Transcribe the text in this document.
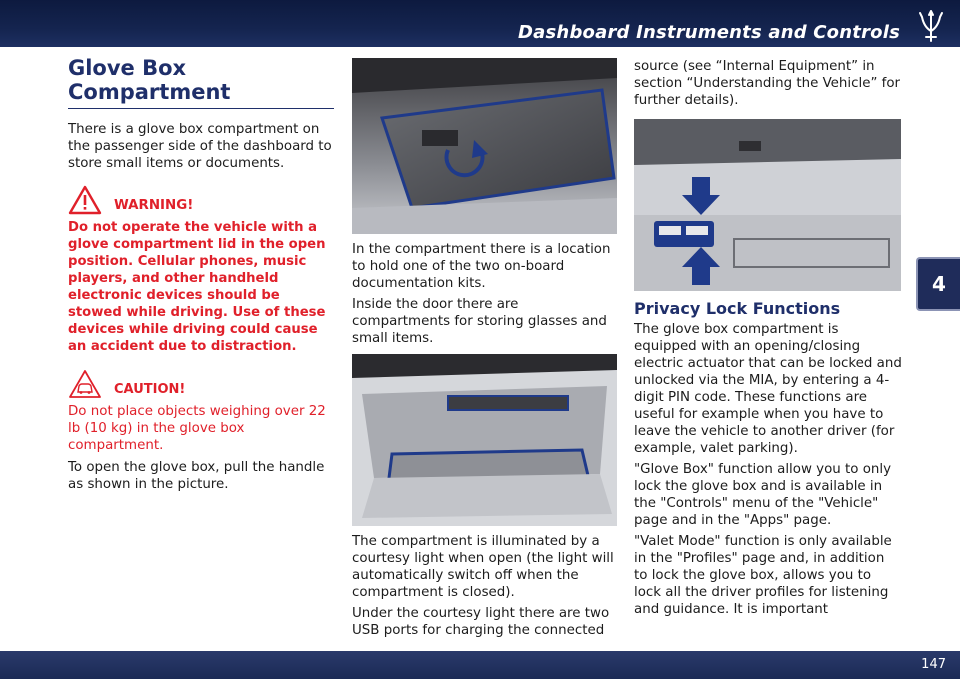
Dashboard Instruments and Controls
4
Glove Box Compartment

There is a glove box compartment on the passenger side of the dashboard to store small items or documents.

WARNING!
Do not operate the vehicle with a glove compartment lid in the open position. Cellular phones, music players, and other handheld electronic devices should be stowed while driving. Use of these devices while driving could cause an accident due to distraction.
CAUTION!
Do not place objects weighing over 22 lb (10 kg) in the glove box compartment.

To open the glove box, pull the handle as shown in the picture.

In the compartment there is a location to hold one of the two on-board documentation kits.

Inside the door there are compartments for storing glasses and small items.

The compartment is illuminated by a courtesy light when open (the light will automatically switch off when the compartment is closed).

Under the courtesy light there are two USB ports for charging the connected

source (see “Internal Equipment” in section “Understanding the Vehicle” for further details).

Privacy Lock Functions

The glove box compartment is equipped with an opening/closing electric actuator that can be locked and unlocked via the MIA, by entering a 4-digit PIN code. These functions are useful for example when you have to leave the vehicle to another driver (for example, valet parking).

"Glove Box" function allow you to only lock the glove box and is available in the "Controls" menu of the "Vehicle" page and in the "Apps" page.

"Valet Mode" function is only available in the "Profiles" page and, in addition to lock the glove box, allows you to lock all the driver profiles for listening and guidance. It is important

147
